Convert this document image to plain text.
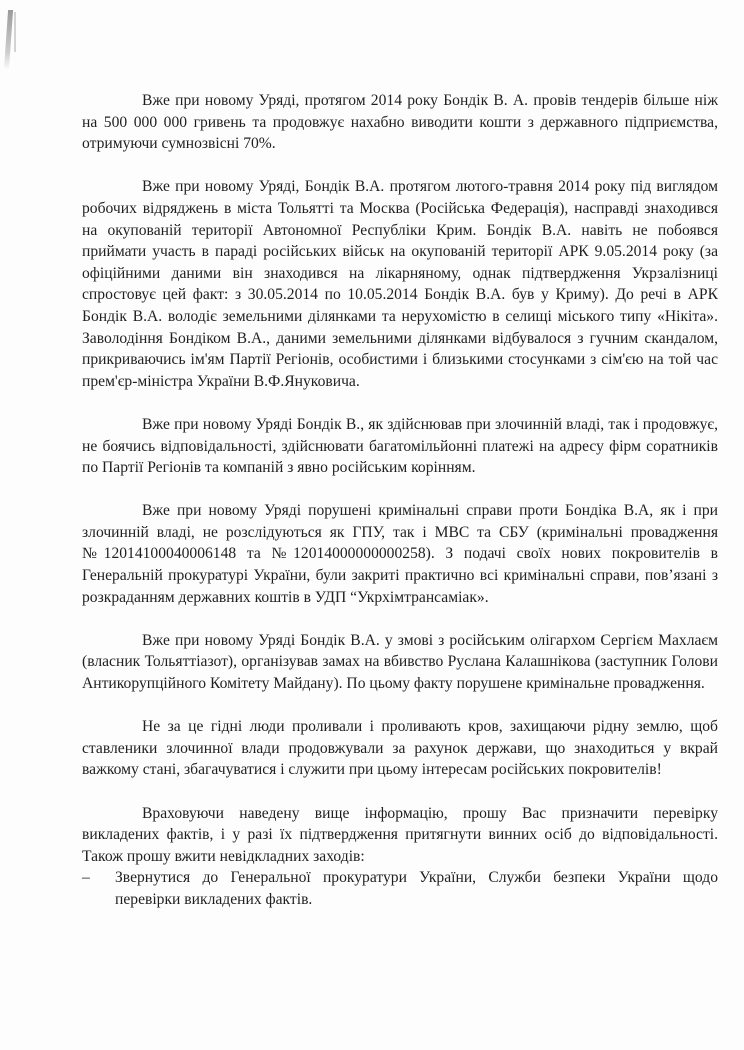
Вже при новому Уряді, протягом 2014 року Бондік В. А. провів тендерів більше ніж на 500 000 000 гривень та продовжує нахабно виводити кошти з державного підприємства, отримуючи сумнозвісні 70%.

Вже при новому Уряді, Бондік В.А. протягом лютого-травня 2014 року під виглядом робочих відряджень в міста Тольятті та Москва (Російська Федерація), насправді знаходився на окупованій території Автономної Республіки Крим. Бондік В.А. навіть не побоявся приймати участь в параді російських військ на окупованій території АРК 9.05.2014 року (за офіційними даними він знаходився на лікарняному, однак підтвердження Укрзалізниці спростовує цей факт: з 30.05.2014 по 10.05.2014 Бондік В.А. був у Криму). До речі в АРК Бондік В.А. володіє земельними ділянками та нерухомістю в селищі міського типу «Нікіта». Заволодіння Бондіком В.А., даними земельними ділянками відбувалося з гучним скандалом, прикриваючись ім'ям Партії Регіонів, особистими і близькими стосунками з сім'єю на той час прем'єр-міністра України В.Ф.Януковича.

Вже при новому Уряді Бондік В., як здійснював при злочинній владі, так і продовжує, не боячись відповідальності, здійснювати багатомільйонні платежі на адресу фірм соратників по Партії Регіонів та компаній з явно російським корінням.

Вже при новому Уряді порушені кримінальні справи проти Бондіка В.А, як і при злочинній владі, не розслідуються як ГПУ, так і МВС та СБУ (кримінальні провадження №12014100040006148 та №12014000000000258). З подачі своїх нових покровителів в Генеральній прокуратурі України, були закриті практично всі кримінальні справи, пов’язані з розкраданням державних коштів в УДП “Укрхімтрансаміак».

Вже при новому Уряді Бондік В.А. у змові з російським олігархом Сергієм Махлаєм (власник Тольяттіазот), організував замах на вбивство Руслана Калашнікова (заступник Голови Антикорупційного Комітету Майдану). По цьому факту порушене кримінальне провадження.

Не за це гідні люди проливали і проливають кров, захищаючи рідну землю, щоб ставленики злочинної влади продовжували за рахунок держави, що знаходиться у вкрай важкому стані, збагачуватися і служити при цьому інтересам російських покровителів!

Враховуючи наведену вище інформацію, прошу Вас призначити перевірку викладених фактів, і у разі їх підтвердження притягнути винних осіб до відповідальності. Також прошу вжити невідкладних заходів:

– Звернутися до Генеральної прокуратури України, Служби безпеки України щодо перевірки викладених фактів.
